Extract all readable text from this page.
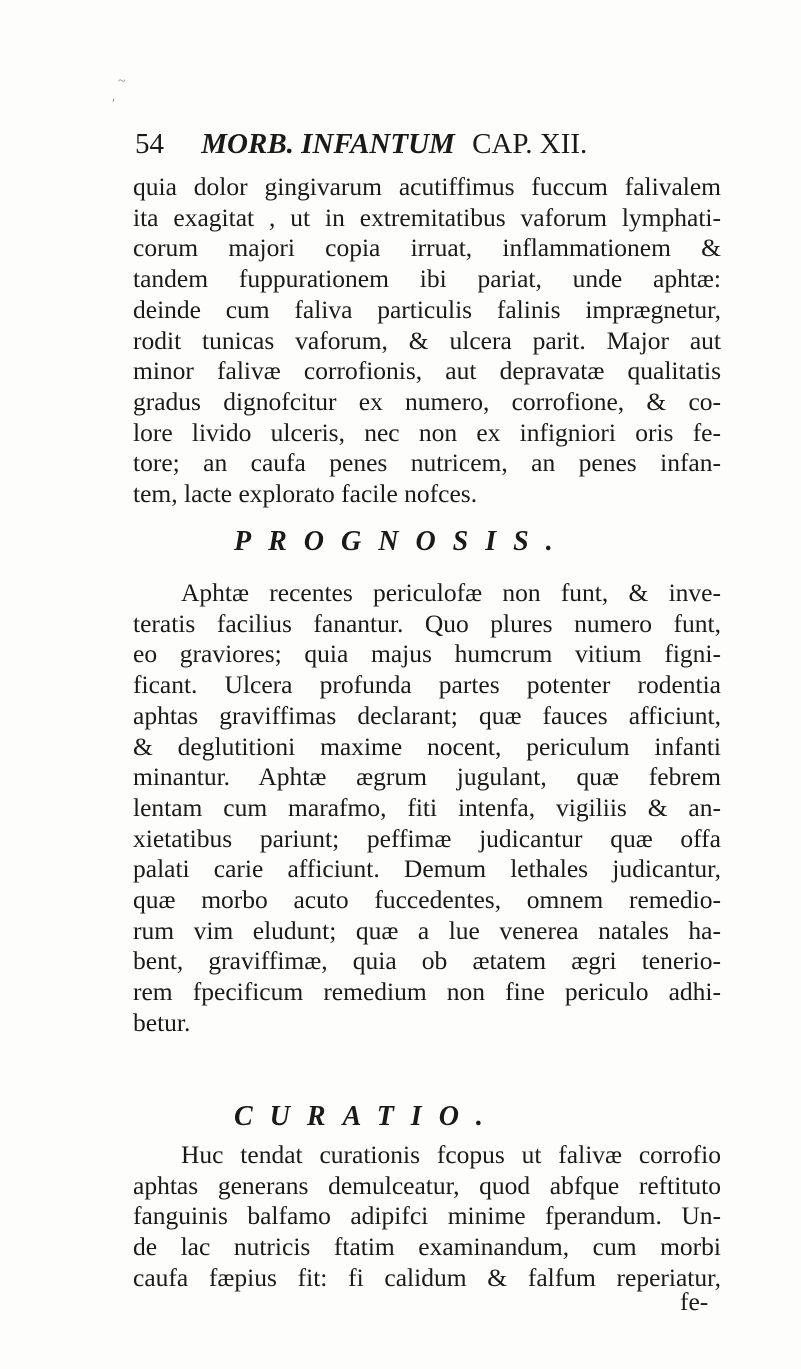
~
ʹ
54 MORB. INFANTUM CAP. XII.
quia dolor gingivarum acutiffimus fuccum falivalem
ita exagitat , ut in extremitatibus vaforum lymphati-
corum majori copia irruat, inflammationem &
tandem fuppurationem ibi pariat, unde aphtæ:
deinde cum faliva particulis falinis imprægnetur,
rodit tunicas vaforum, & ulcera parit. Major aut
minor falivæ corrofionis, aut depravatæ qualitatis
gradus dignofcitur ex numero, corrofione, & co-
lore livido ulceris, nec non ex infigniori oris fe-
tore; an caufa penes nutricem, an penes infan-
tem, lacte explorato facile nofces.
PROGNOSIS.
Aphtæ recentes periculofæ non funt, & inve-
teratis facilius fanantur. Quo plures numero funt,
eo graviores; quia majus humcrum vitium figni-
ficant. Ulcera profunda partes potenter rodentia
aphtas graviffimas declarant; quæ fauces afficiunt,
& deglutitioni maxime nocent, periculum infanti
minantur. Aphtæ ægrum jugulant, quæ febrem
lentam cum marafmo, fiti intenfa, vigiliis & an-
xietatibus pariunt; peffimæ judicantur quæ offa
palati carie afficiunt. Demum lethales judicantur,
quæ morbo acuto fuccedentes, omnem remedio-
rum vim eludunt; quæ a lue venerea natales ha-
bent, graviffimæ, quia ob ætatem ægri tenerio-
rem fpecificum remedium non fine periculo adhi-
betur.
CURATIO.
Huc tendat curationis fcopus ut falivæ corrofio
aphtas generans demulceatur, quod abfque reftituto
fanguinis balfamo adipifci minime fperandum. Un-
de lac nutricis ftatim examinandum, cum morbi
caufa fæpius fit: fi calidum & falfum reperiatur,
fe-
